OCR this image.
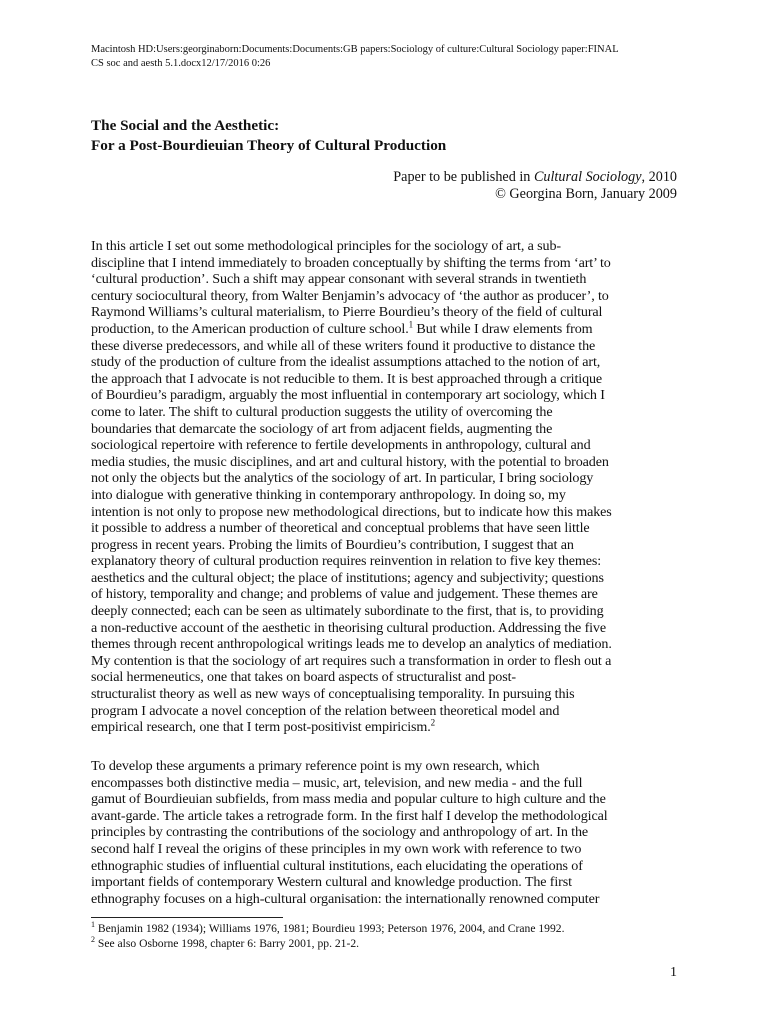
Macintosh HD:Users:georginaborn:Documents:Documents:GB papers:Sociology of culture:Cultural Sociology paper:FINAL
CS soc and aesth 5.1.docx12/17/2016 0:26
The Social and the Aesthetic:
For a Post-Bourdieuian Theory of Cultural Production
Paper to be published in Cultural Sociology, 2010
© Georgina Born, January 2009
In this article I set out some methodological principles for the sociology of art, a sub-
discipline that I intend immediately to broaden conceptually by shifting the terms from ‘art’ to
‘cultural production’. Such a shift may appear consonant with several strands in twentieth
century sociocultural theory, from Walter Benjamin’s advocacy of ‘the author as producer’, to
Raymond Williams’s cultural materialism, to Pierre Bourdieu’s theory of the field of cultural
production, to the American production of culture school.$^1$ But while I draw elements from
these diverse predecessors, and while all of these writers found it productive to distance the
study of the production of culture from the idealist assumptions attached to the notion of art,
the approach that I advocate is not reducible to them. It is best approached through a critique
of Bourdieu’s paradigm, arguably the most influential in contemporary art sociology, which I
come to later. The shift to cultural production suggests the utility of overcoming the
boundaries that demarcate the sociology of art from adjacent fields, augmenting the
sociological repertoire with reference to fertile developments in anthropology, cultural and
media studies, the music disciplines, and art and cultural history, with the potential to broaden
not only the objects but the analytics of the sociology of art. In particular, I bring sociology
into dialogue with generative thinking in contemporary anthropology. In doing so, my
intention is not only to propose new methodological directions, but to indicate how this makes
it possible to address a number of theoretical and conceptual problems that have seen little
progress in recent years. Probing the limits of Bourdieu’s contribution, I suggest that an
explanatory theory of cultural production requires reinvention in relation to five key themes:
aesthetics and the cultural object; the place of institutions; agency and subjectivity; questions
of history, temporality and change; and problems of value and judgement. These themes are
deeply connected; each can be seen as ultimately subordinate to the first, that is, to providing
a non-reductive account of the aesthetic in theorising cultural production. Addressing the five
themes through recent anthropological writings leads me to develop an analytics of mediation.
My contention is that the sociology of art requires such a transformation in order to flesh out a
social hermeneutics, one that takes on board aspects of structuralist and post-
structuralist theory as well as new ways of conceptualising temporality. In pursuing this
program I advocate a novel conception of the relation between theoretical model and
empirical research, one that I term post-positivist empiricism.$^2$
To develop these arguments a primary reference point is my own research, which
encompasses both distinctive media – music, art, television, and new media - and the full
gamut of Bourdieuian subfields, from mass media and popular culture to high culture and the
avant-garde. The article takes a retrograde form. In the first half I develop the methodological
principles by contrasting the contributions of the sociology and anthropology of art. In the
second half I reveal the origins of these principles in my own work with reference to two
ethnographic studies of influential cultural institutions, each elucidating the operations of
important fields of contemporary Western cultural and knowledge production. The first
ethnography focuses on a high-cultural organisation: the internationally renowned computer
$^1$ Benjamin 1982 (1934); Williams 1976, 1981; Bourdieu 1993; Peterson 1976, 2004, and Crane 1992.
$^2$ See also Osborne 1998, chapter 6: Barry 2001, pp. 21-2.
1
